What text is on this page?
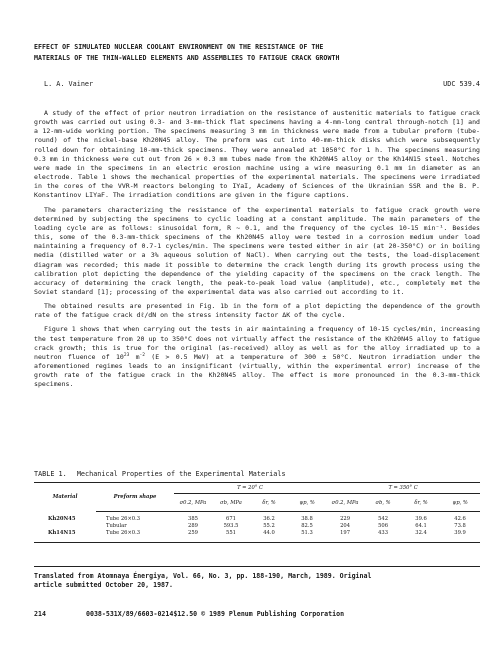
EFFECT OF SIMULATED NUCLEAR COOLANT ENVIRONMENT ON THE RESISTANCE OF THE
MATERIALS OF THE THIN-WALLED ELEMENTS AND ASSEMBLIES TO FATIGUE CRACK GROWTH
L. A. Vainer	UDC 539.4

A study of the effect of prior neutron irradiation on the resistance of austenitic materials to fatigue crack growth was carried out using 0.3- and 3-mm-thick flat specimens having a 4-mm-long central through-notch [1] and a 12-mm-wide working portion. The specimens measuring 3 mm in thickness were made from a tubular preform (tube-round) of the nickel-base Kh20N45 alloy. The preform was cut into 40-mm-thick disks which were subsequently rolled down for obtaining 10-mm-thick specimens. They were annealed at 1050°C for 1 h. The specimens measuring 0.3 mm in thickness were cut out from 26 × 0.3 mm tubes made from the Kh20N45 alloy or the Kh14N15 steel. Notches were made in the specimens in an electric erosion machine using a wire measuring 0.1 mm in diameter as an electrode. Table 1 shows the mechanical properties of the experimental materials. The specimens were irradiated in the cores of the VVR-M reactors belonging to IYaI, Academy of Sciences of the Ukrainian SSR and the B. P. Konstantinov LIYaF. The irradiation conditions are given in the figure captions.

The parameters characterizing the resistance of the experimental materials to fatigue crack growth were determined by subjecting the specimens to cyclic loading at a constant amplitude. The main parameters of the loading cycle are as follows: sinusoidal form, R ~ 0.1, and the frequency of the cycles 10-15 min⁻¹. Besides this, some of the 0.3-mm-thick specimens of the Kh20N45 alloy were tested in a corrosion medium under load maintaining a frequency of 0.7-1 cycles/min. The specimens were tested either in air (at 20-350°C) or in boiling media (distilled water or a 3% aqueous solution of NaCl). When carrying out the tests, the load-displacement diagram was recorded; this made it possible to determine the crack length during its growth process using the calibration plot depicting the dependence of the yielding capacity of the specimens on the crack length. The accuracy of determining the crack length, the peak-to-peak load value (amplitude), etc., completely met the Soviet standard [1]; processing of the experimental data was also carried out according to it.

The obtained results are presented in Fig. 1b in the form of a plot depicting the dependence of the growth rate of the fatigue crack dℓ/dN on the stress intensity factor ΔK of the cycle.

Figure 1 shows that when carrying out the tests in air maintaining a frequency of 10-15 cycles/min, increasing the test temperature from 20 up to 350°C does not virtually affect the resistance of the Kh20N45 alloy to fatigue crack growth; this is true for the original (as-received) alloy as well as for the alloy irradiated up to a neutron fluence of $10^{23}$ $m^{-2}$ (E > 0.5 MeV) at a temperature of 300 ± 50°C. Neutron irradiation under the aforementioned regimes leads to an insignificant (virtually, within the experimental error) increase of the growth rate of the fatigue crack in the Kh20N45 alloy. The effect is more pronounced in the 0.3-mm-thick specimens.

TABLE 1. Mechanical Properties of the Experimental Materials
Material	Preform shape	T = 20° C				T = 350° C			
		σ0.2, MPa	σb, MPa	δr, %	ψp, %	σ0.2, MPa	σb, %	δr, %	ψp, %
Kh20N45	Tube 26×0.3	385	671	36.2	38.8	229	542	39.6	42.6
	Tubular	289	593.5	55.2	82.5	204	506	64.1	73.8
Kh14N15	Tube 26×0.3	259	551	44.0	51.3	197	433	32.4	39.9
Translated from Atomnaya Énergiya, Vol. 66, No. 3, pp. 188-190, March, 1989. Original
article submitted October 20, 1987.
214	0038-531X/89/6603-0214$12.50 © 1989 Plenum Publishing Corporation
